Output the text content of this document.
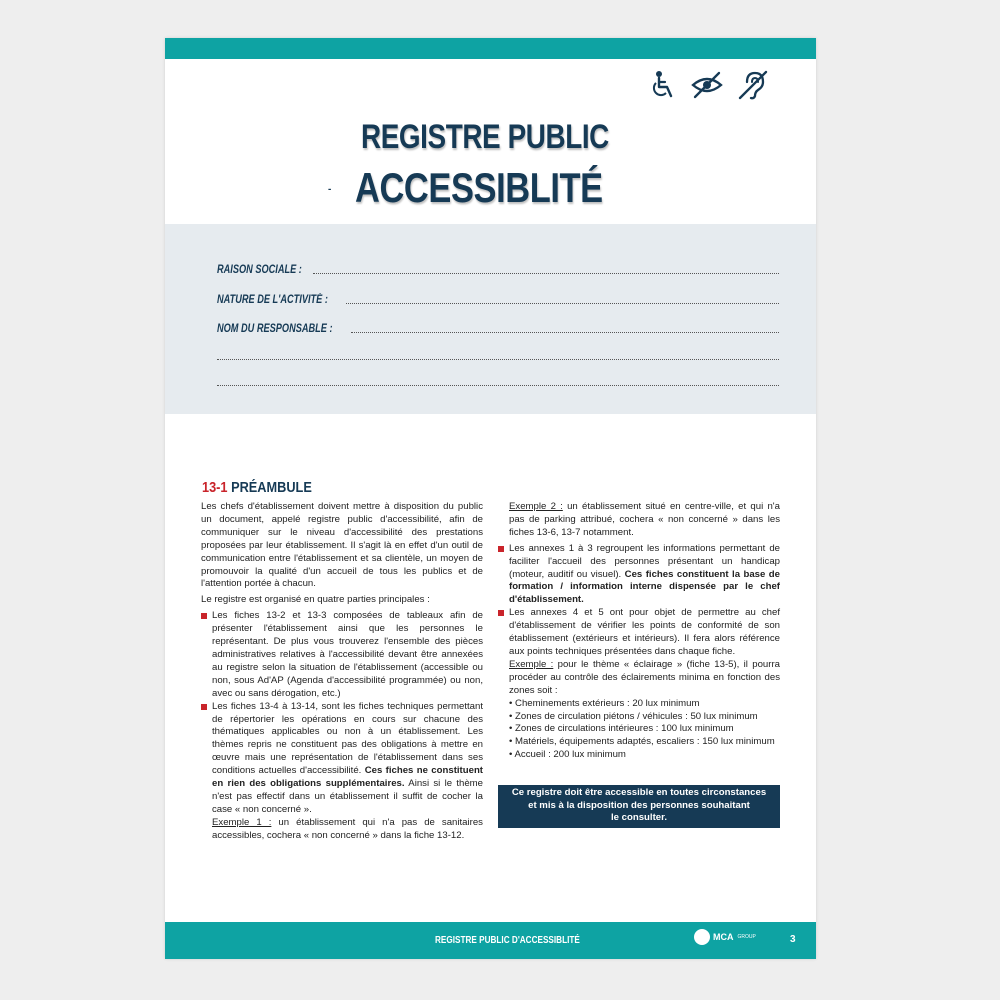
REGISTRE PUBLIC
- ACCESSIBLITÉ
RAISON SOCIALE :
NATURE DE L'ACTIVITÉ :
NOM DU RESPONSABLE :
13-1 PRÉAMBULE

Les chefs d'établissement doivent mettre à disposition du public un document, appelé registre public d'accessibilité, afin de communiquer sur le niveau d'accessibilité des prestations proposées par leur établissement. Il s'agit là en effet d'un outil de communication entre l'établissement et sa clientèle, un moyen de promouvoir la qualité d'un accueil de tous les publics et de l'attention portée à chacun.

Le registre est organisé en quatre parties principales :

Les fiches 13-2 et 13-3 composées de tableaux afin de présenter l'établissement ainsi que les personnes le représentant. De plus vous trouverez l'ensemble des pièces administratives relatives à l'accessibilité devant être annexées au registre selon la situation de l'établissement (accessible ou non, sous Ad'AP (Agenda d'accessibilité programmée) ou non, avec ou sans dérogation, etc.)
Les fiches 13-4 à 13-14, sont les fiches techniques permettant de répertorier les opérations en cours sur chacune des thématiques applicables ou non à un établissement. Les thèmes repris ne constituent pas des obligations à mettre en œuvre mais une représentation de l'établissement dans ses conditions actuelles d'accessibilité. Ces fiches ne constituent en rien des obligations supplémentaires. Ainsi si le thème n'est pas effectif dans un établissement il suffit de cocher la case « non concerné ».
Exemple 1 : un établissement qui n'a pas de sanitaires accessibles, cochera « non concerné » dans la fiche 13-12.
Exemple 2 : un établissement situé en centre-ville, et qui n'a pas de parking attribué, cochera « non concerné » dans les fiches 13-6, 13-7 notamment.
Les annexes 1 à 3 regroupent les informations permettant de faciliter l'accueil des personnes présentant un handicap (moteur, auditif ou visuel). Ces fiches constituent la base de formation / information interne dispensée par le chef d'établissement.
Les annexes 4 et 5 ont pour objet de permettre au chef d'établissement de vérifier les points de conformité de son établissement (extérieurs et intérieurs). Il fera alors référence aux points techniques présentées dans chaque fiche.
Exemple : pour le thème « éclairage » (fiche 13-5), il pourra procéder au contrôle des éclairements minima en fonction des zones soit :
• Cheminements extérieurs : 20 lux minimum
• Zones de circulation piétons / véhicules : 50 lux minimum
• Zones de circulations intérieures : 100 lux minimum
• Matériels, équipements adaptés, escaliers : 150 lux minimum
• Accueil : 200 lux minimum
Ce registre doit être accessible en toutes circonstances
et mis à la disposition des personnes souhaitant
le consulter.
REGISTRE PUBLIC D'ACCESSIBLITÉ	MCA GROUP	3
